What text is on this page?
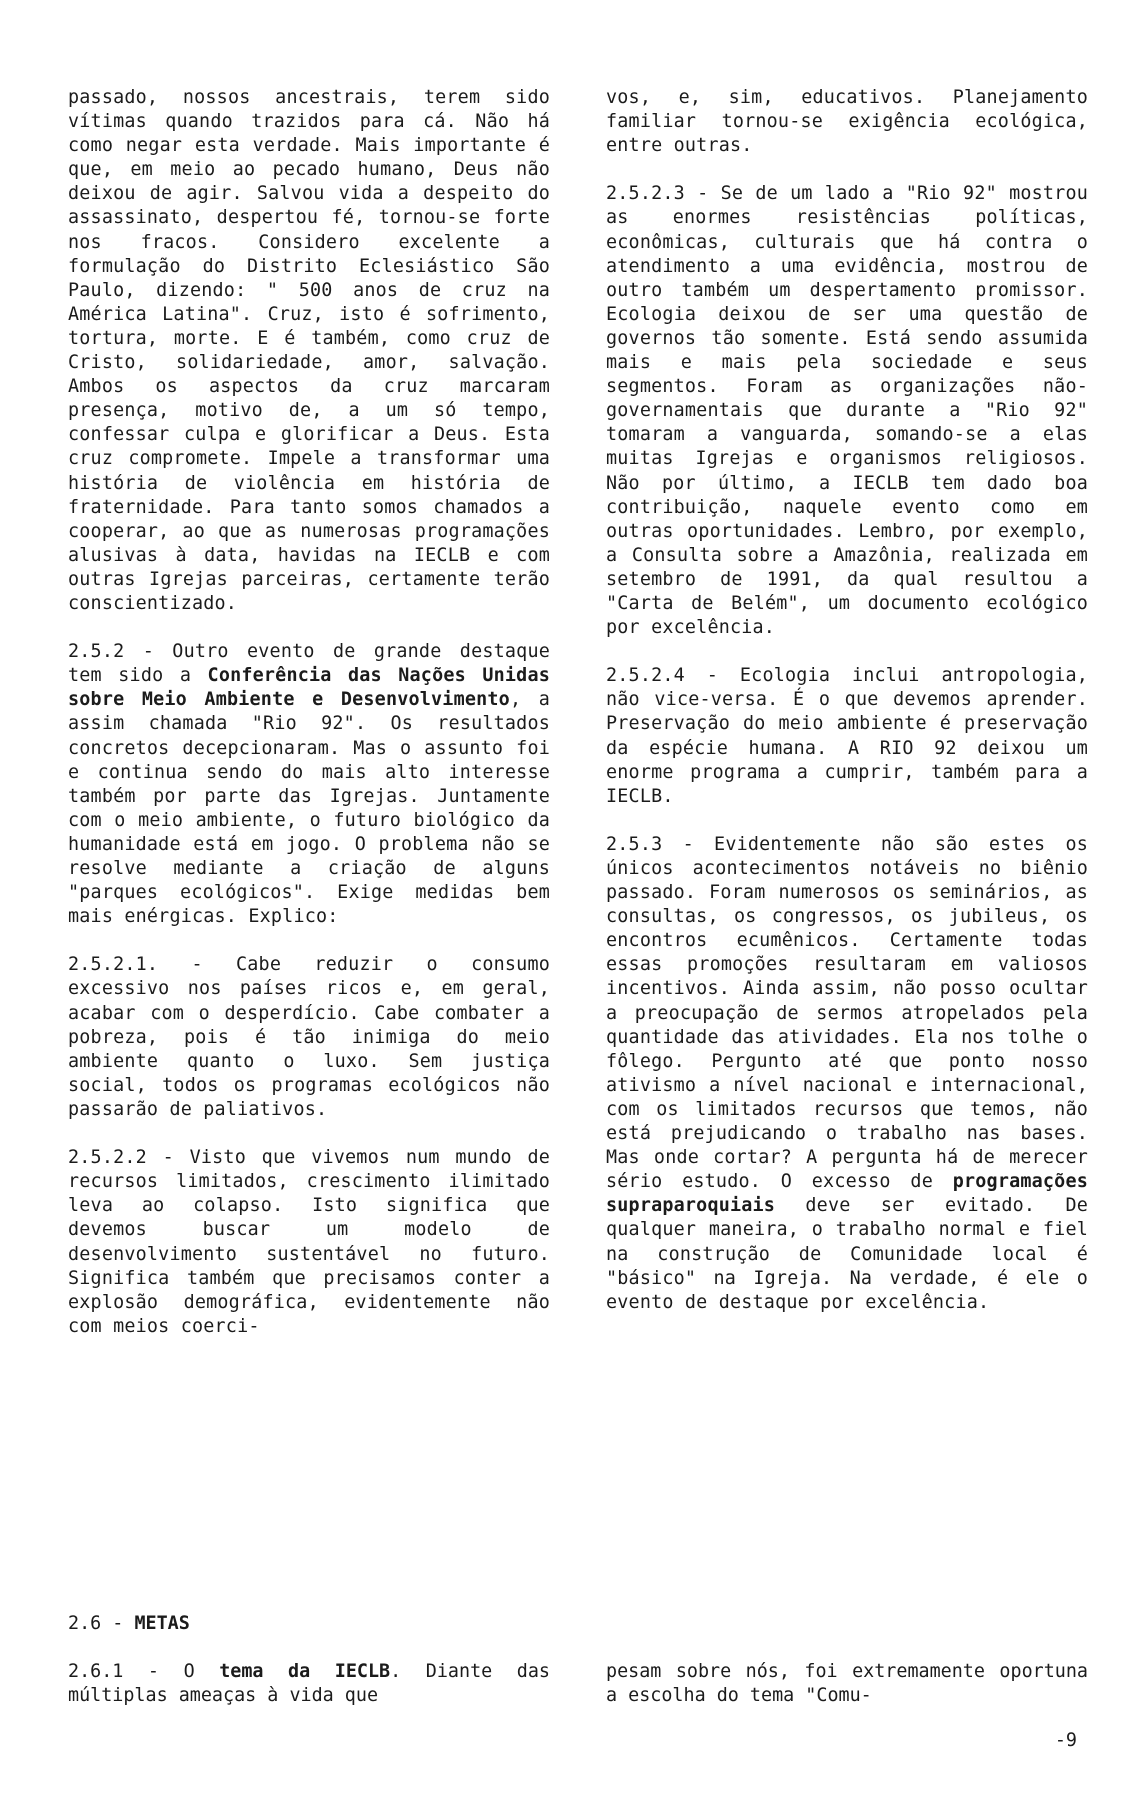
passado, nossos ancestrais, terem sido vítimas quando trazidos para cá. Não há como negar esta verdade. Mais importante é que, em meio ao pecado humano, Deus não deixou de agir. Salvou vida a despeito do assassinato, despertou fé, tornou-se forte nos fracos. Considero excelente a formulação do Distrito Eclesiástico São Paulo, dizendo: " 500 anos de cruz na América Latina". Cruz, isto é sofrimento, tortura, morte. E é também, como cruz de Cristo, solidariedade, amor, salvação. Ambos os aspectos da cruz marcaram presença, motivo de, a um só tempo, confessar culpa e glorificar a Deus. Esta cruz compromete. Impele a transformar uma história de violência em história de fraternidade. Para tanto somos chamados a cooperar, ao que as numerosas programações alusivas à data, havidas na IECLB e com outras Igrejas parceiras, certamente terão conscientizado.

2.5.2 - Outro evento de grande destaque tem sido a Conferência das Nações Unidas sobre Meio Ambiente e Desenvolvimento, a assim chamada "Rio 92". Os resultados concretos decepcionaram. Mas o assunto foi e continua sendo do mais alto interesse também por parte das Igrejas. Juntamente com o meio ambiente, o futuro biológico da humanidade está em jogo. O problema não se resolve mediante a criação de alguns "parques ecológicos". Exige medidas bem mais enérgicas. Explico:

2.5.2.1. - Cabe reduzir o consumo excessivo nos países ricos e, em geral, acabar com o desperdício. Cabe combater a pobreza, pois é tão inimiga do meio ambiente quanto o luxo. Sem justiça social, todos os programas ecológicos não passarão de paliativos.

2.5.2.2 - Visto que vivemos num mundo de recursos limitados, crescimento ilimitado leva ao colapso. Isto significa que devemos buscar um modelo de desenvolvimento sustentável no futuro. Significa também que precisamos conter a explosão demográfica, evidentemente não com meios coerci-

vos, e, sim, educativos. Planejamento familiar tornou-se exigência ecológica, entre outras.

2.5.2.3 - Se de um lado a "Rio 92" mostrou as enormes resistências políticas, econômicas, culturais que há contra o atendimento a uma evidência, mostrou de outro também um despertamento promissor. Ecologia deixou de ser uma questão de governos tão somente. Está sendo assumida mais e mais pela sociedade e seus segmentos. Foram as organizações não-governamentais que durante a "Rio 92" tomaram a vanguarda, somando-se a elas muitas Igrejas e organismos religiosos. Não por último, a IECLB tem dado boa contribuição, naquele evento como em outras oportunidades. Lembro, por exemplo, a Consulta sobre a Amazônia, realizada em setembro de 1991, da qual resultou a "Carta de Belém", um documento ecológico por excelência.

2.5.2.4 - Ecologia inclui antropologia, não vice-versa. É o que devemos aprender. Preservação do meio ambiente é preservação da espécie humana. A RIO 92 deixou um enorme programa a cumprir, também para a IECLB.

2.5.3 - Evidentemente não são estes os únicos acontecimentos notáveis no biênio passado. Foram numerosos os seminários, as consultas, os congressos, os jubileus, os encontros ecumênicos. Certamente todas essas promoções resultaram em valiosos incentivos. Ainda assim, não posso ocultar a preocupação de sermos atropelados pela quantidade das atividades. Ela nos tolhe o fôlego. Pergunto até que ponto nosso ativismo a nível nacional e internacional, com os limitados recursos que temos, não está prejudicando o trabalho nas bases. Mas onde cortar? A pergunta há de merecer sério estudo. O excesso de programações supraparoquiais deve ser evitado. De qualquer maneira, o trabalho normal e fiel na construção de Comunidade local é "básico" na Igreja. Na verdade, é ele o evento de destaque por excelência.

2.6 - METAS

2.6.1 - O tema da IECLB. Diante das múltiplas ameaças à vida que

pesam sobre nós, foi extremamente oportuna a escolha do tema "Comu-

-9
